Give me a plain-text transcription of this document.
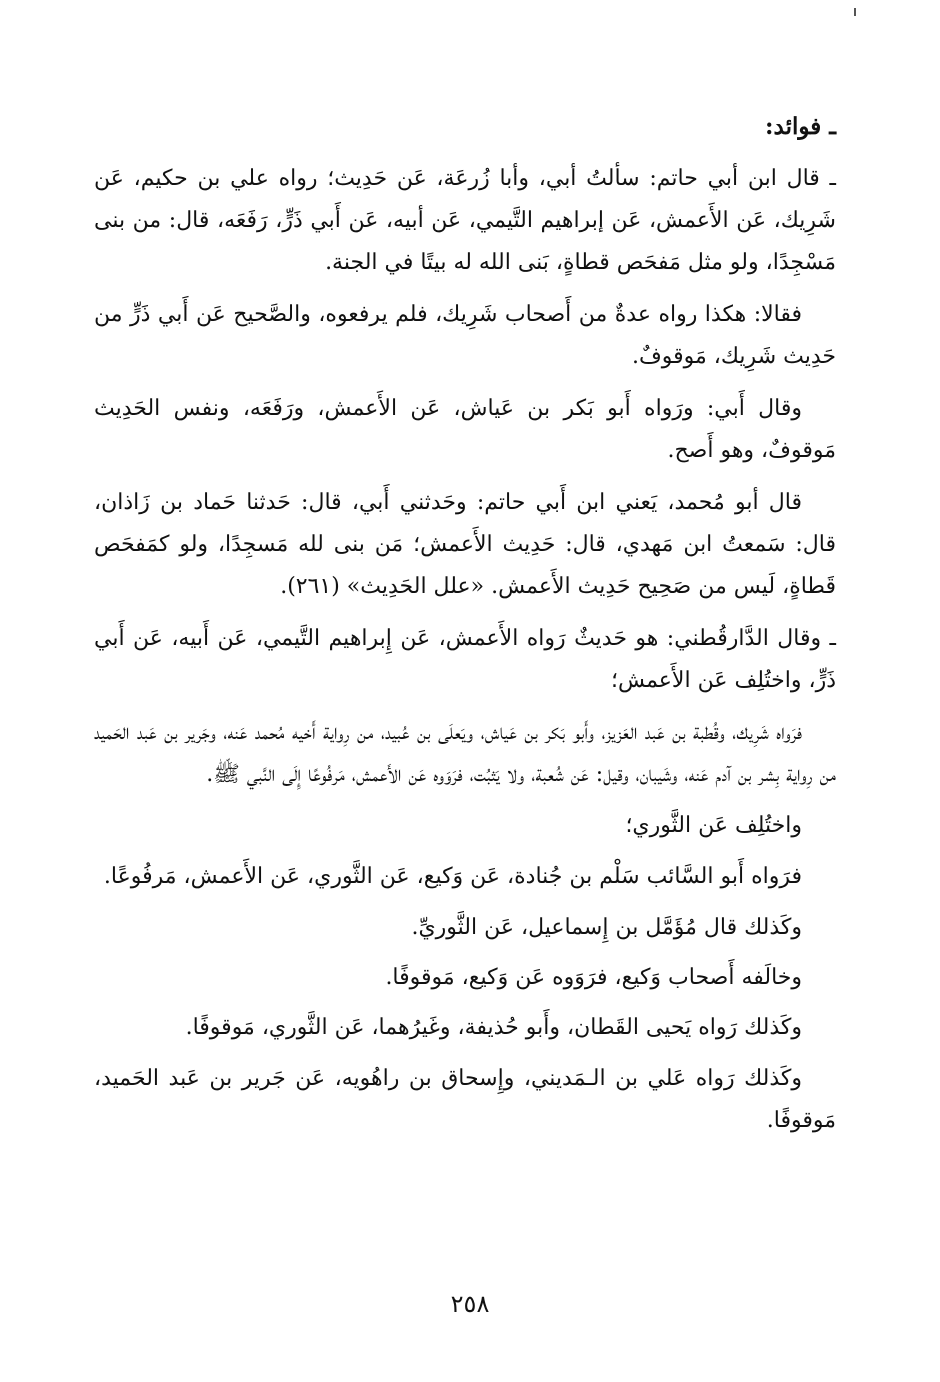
ـ فوائد:

ـ قال ابن أبي حاتم: سألتُ أبي، وأبا زُرعَة، عَن حَدِيث؛ رواه علي بن حكيم، عَن شَرِيك، عَن الأَعمش، عَن إبراهيم التَّيمي، عَن أبيه، عَن أَبي ذَرٍّ، رَفَعَه، قال: من بنى مَسْجِدًا، ولو مثل مَفحَص قطاةٍ، بَنى الله له بيتًا في الجنة.

فقالا: هكذا رواه عدةٌ من أَصحاب شَرِيك، فلم يرفعوه، والصَّحيح عَن أَبي ذَرٍّ من حَدِيث شَرِيك، مَوقوفٌ.

وقال أَبي: ورَواه أَبو بَكر بن عَياش، عَن الأَعمش، ورَفَعَه، ونفس الحَدِيث مَوقوفٌ، وهو أَصح.

قال أبو مُحمد، يَعني ابن أَبي حاتم: وحَدثني أَبي، قال: حَدثنا حَماد بن زَاذان، قال: سَمعتُ ابن مَهدي، قال: حَدِيث الأَعمش؛ مَن بنى لله مَسجِدًا، ولو كمَفحَص قَطاةٍ، لَيس من صَحِيح حَدِيث الأَعمش. «علل الحَدِيث» (٢٦١).

ـ وقال الدَّارقُطني: هو حَديثٌ رَواه الأَعمش، عَن إِبراهيم التَّيمي، عَن أَبيه، عَن أَبي ذَرٍّ، واختُلِف عَن الأَعمش؛

فرَواه شَرِيك، وقُطبة بن عَبد العَزيز، وأَبو بَكر بن عَياش، ويَعلَى بن عُبيد، من رِواية أَخيه مُحمد عَنه، وجَرير بن عَبد الحَميد من رِواية بِشر بن آدم عَنه، وشَيبان، وقيل: عَن شُعبة، ولا يَثبُت، فرَوَوه عَن الأَعمش، مَرفُوعًا إِلَى النَّبي ﷺ.

واختُلِف عَن الثَّوري؛

فرَواه أَبو السَّائب سَلْم بن جُنادة، عَن وَكيع، عَن الثَّوري، عَن الأَعمش، مَرفُوعًا.

وكَذلك قال مُؤَمَّل بن إِسماعيل، عَن الثَّوريِّ.

وخالَفه أَصحاب وَكيع، فرَوَوه عَن وَكيع، مَوقوفًا.

وكَذلك رَواه يَحيى القَطان، وأَبو حُذيفة، وغَيرُهما، عَن الثَّوري، مَوقوفًا.

وكَذلك رَواه عَلي بن الـمَديني، وإِسحاق بن راهُويه، عَن جَرير بن عَبد الحَميد، مَوقوفًا.

٢٥٨
